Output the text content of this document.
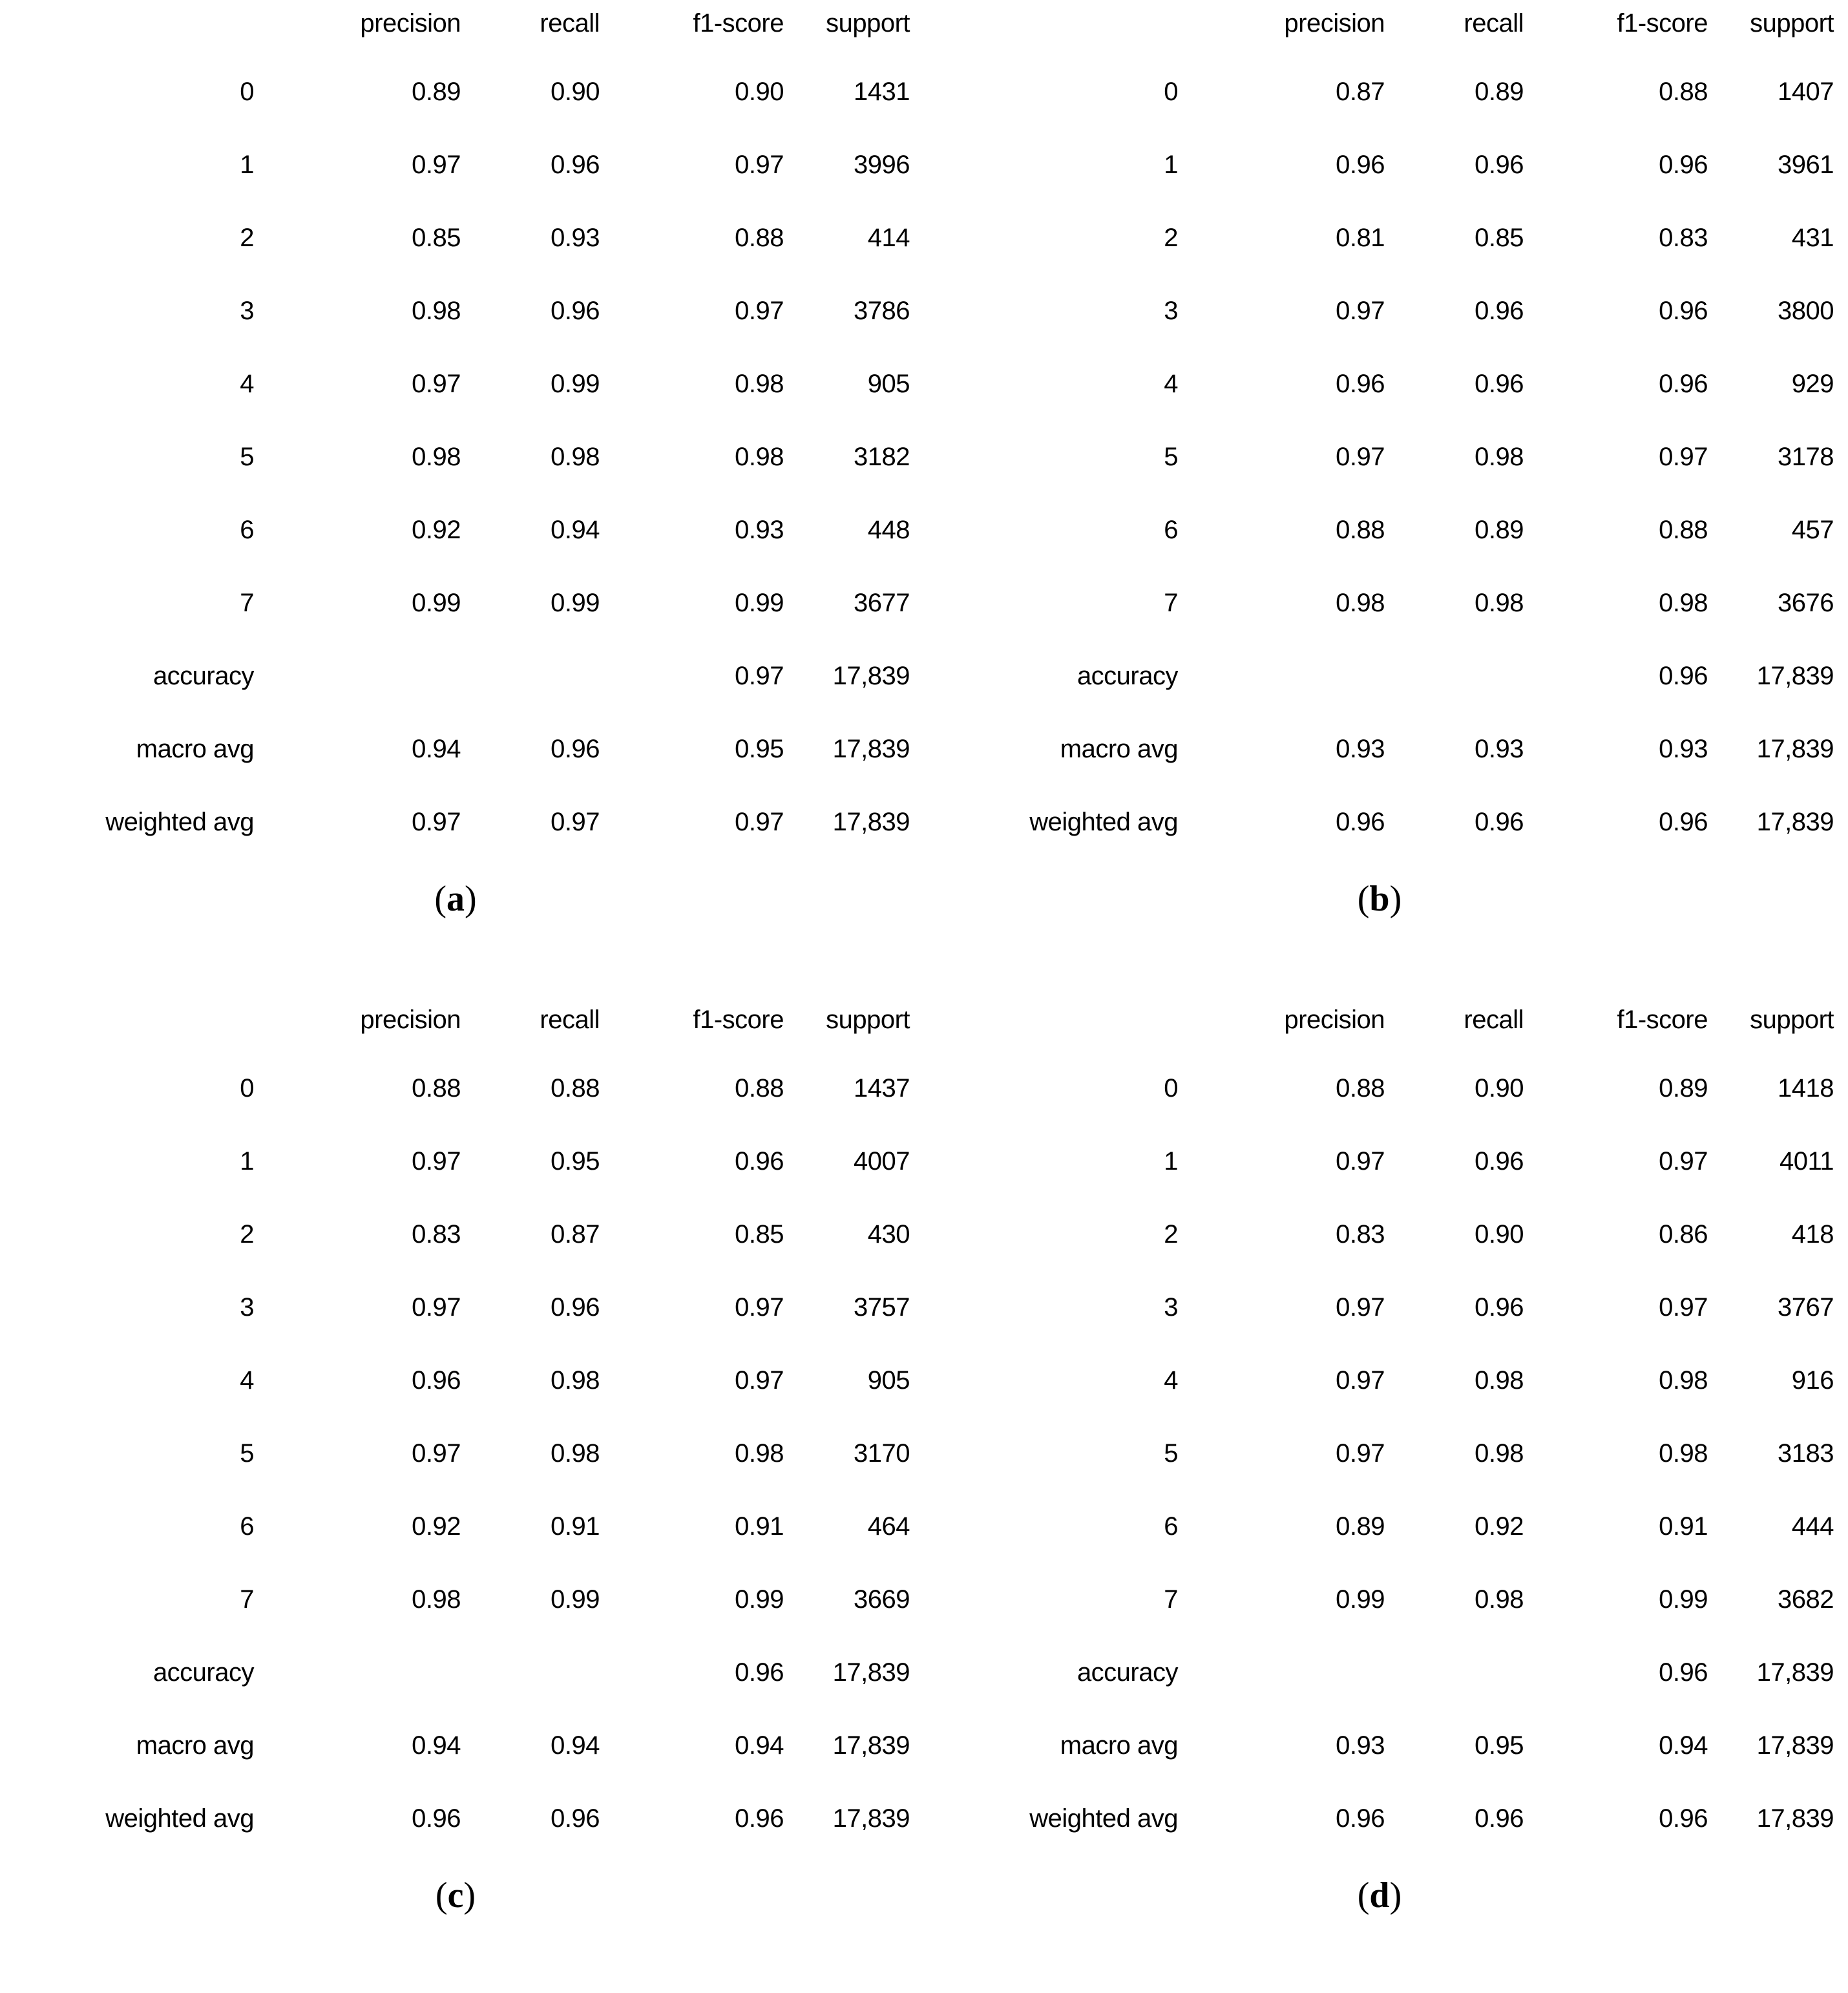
	precision	recall	f1-score	support
0	0.89	0.90	0.90	1431
1	0.97	0.96	0.97	3996
2	0.85	0.93	0.88	414
3	0.98	0.96	0.97	3786
4	0.97	0.99	0.98	905
5	0.98	0.98	0.98	3182
6	0.92	0.94	0.93	448
7	0.99	0.99	0.99	3677
accuracy			0.97	17,839
macro avg	0.94	0.96	0.95	17,839
weighted avg	0.97	0.97	0.97	17,839
(a)
	precision	recall	f1-score	support
0	0.87	0.89	0.88	1407
1	0.96	0.96	0.96	3961
2	0.81	0.85	0.83	431
3	0.97	0.96	0.96	3800
4	0.96	0.96	0.96	929
5	0.97	0.98	0.97	3178
6	0.88	0.89	0.88	457
7	0.98	0.98	0.98	3676
accuracy			0.96	17,839
macro avg	0.93	0.93	0.93	17,839
weighted avg	0.96	0.96	0.96	17,839
(b)
	precision	recall	f1-score	support
0	0.88	0.88	0.88	1437
1	0.97	0.95	0.96	4007
2	0.83	0.87	0.85	430
3	0.97	0.96	0.97	3757
4	0.96	0.98	0.97	905
5	0.97	0.98	0.98	3170
6	0.92	0.91	0.91	464
7	0.98	0.99	0.99	3669
accuracy			0.96	17,839
macro avg	0.94	0.94	0.94	17,839
weighted avg	0.96	0.96	0.96	17,839
(c)
	precision	recall	f1-score	support
0	0.88	0.90	0.89	1418
1	0.97	0.96	0.97	4011
2	0.83	0.90	0.86	418
3	0.97	0.96	0.97	3767
4	0.97	0.98	0.98	916
5	0.97	0.98	0.98	3183
6	0.89	0.92	0.91	444
7	0.99	0.98	0.99	3682
accuracy			0.96	17,839
macro avg	0.93	0.95	0.94	17,839
weighted avg	0.96	0.96	0.96	17,839
(d)
